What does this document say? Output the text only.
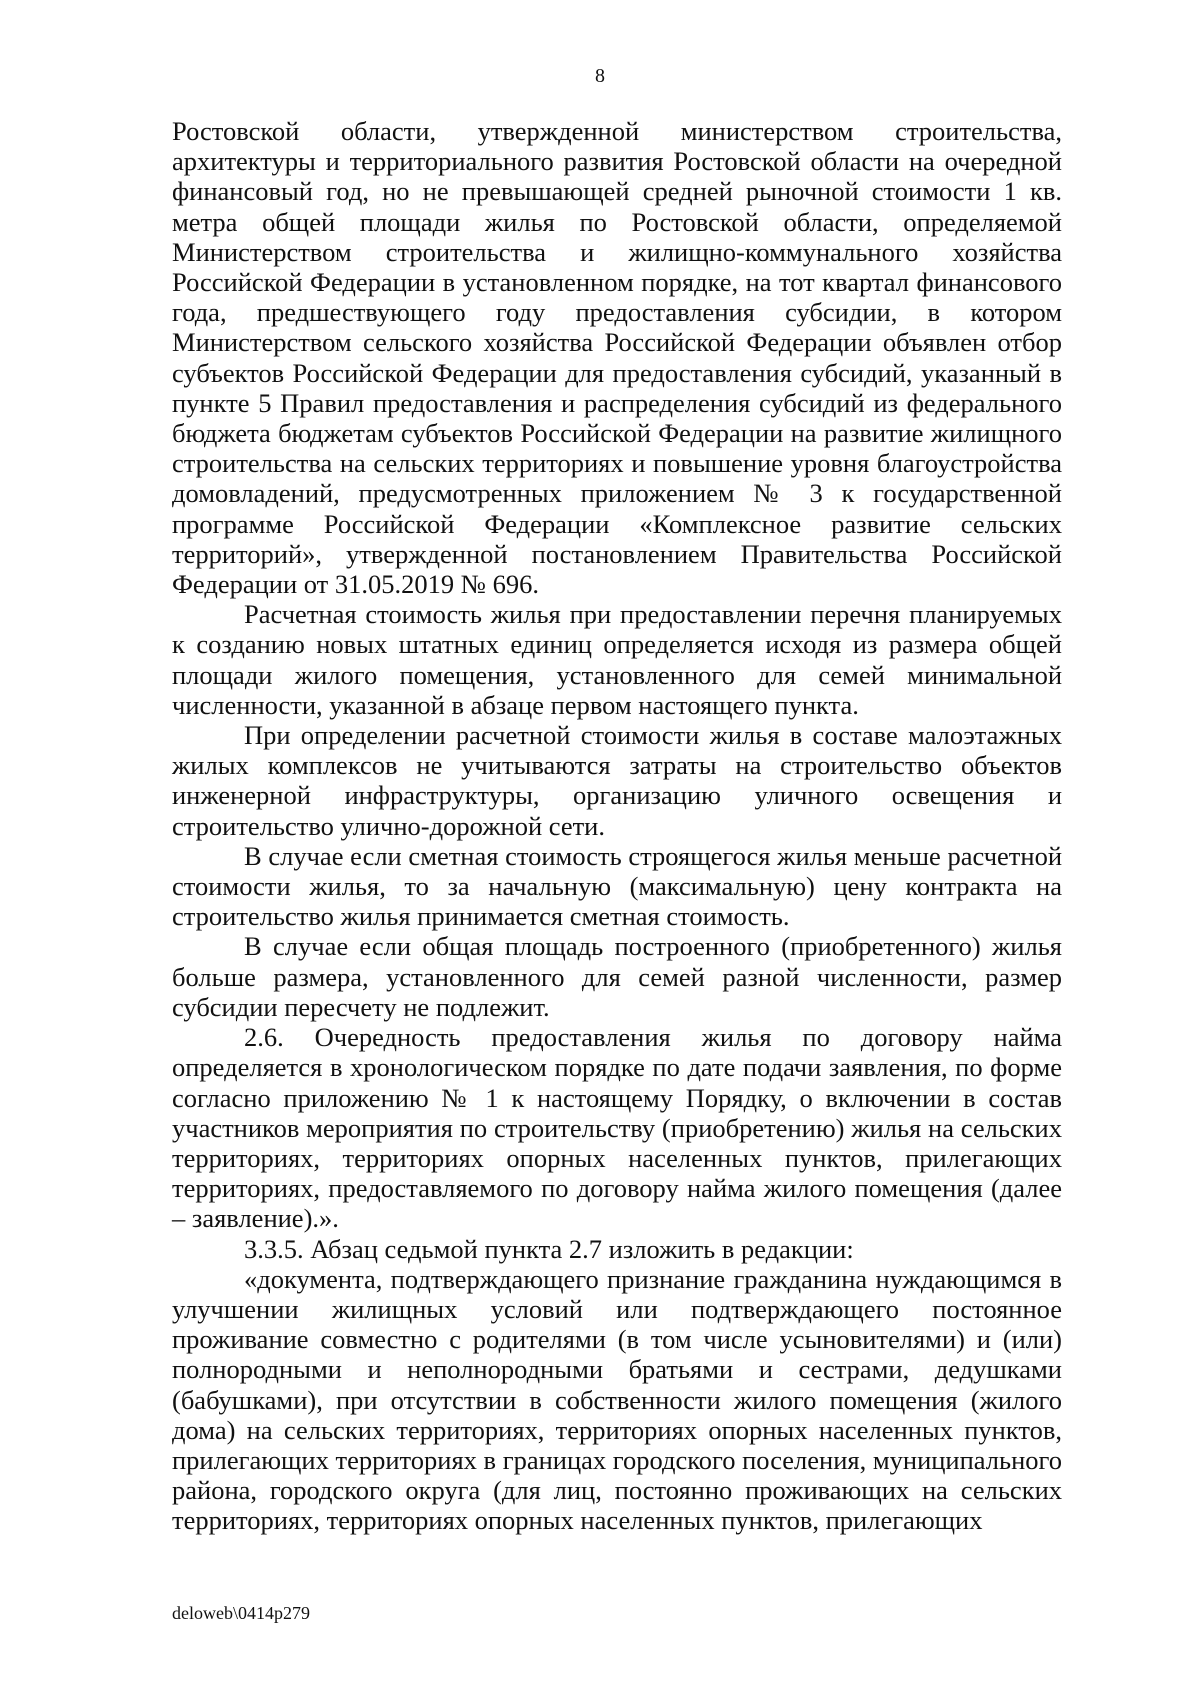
8

Ростовской области, утвержденной министерством строительства, архитектуры и территориального развития Ростовской области на очередной финансовый год, но не превышающей средней рыночной стоимости 1 кв. метра общей площади жилья по Ростовской области, определяемой Министерством строительства и жилищно-коммунального хозяйства Российской Федерации в установленном порядке, на тот квартал финансового года, предшествующего году предоставления субсидии, в котором Министерством сельского хозяйства Российской Федерации объявлен отбор субъектов Российской Федерации для предоставления субсидий, указанный в пункте 5 Правил предоставления и распределения субсидий из федерального бюджета бюджетам субъектов Российской Федерации на развитие жилищного строительства на сельских территориях и повышение уровня благоустройства домовладений, предусмотренных приложением № 3 к государственной программе Российской Федерации «Комплексное развитие сельских территорий», утвержденной постановлением Правительства Российской Федерации от 31.05.2019 № 696.

Расчетная стоимость жилья при предоставлении перечня планируемых к созданию новых штатных единиц определяется исходя из размера общей площади жилого помещения, установленного для семей минимальной численности, указанной в абзаце первом настоящего пункта.

При определении расчетной стоимости жилья в составе малоэтажных жилых комплексов не учитываются затраты на строительство объектов инженерной инфраструктуры, организацию уличного освещения и строительство улично-дорожной сети.

В случае если сметная стоимость строящегося жилья меньше расчетной стоимости жилья, то за начальную (максимальную) цену контракта на строительство жилья принимается сметная стоимость.

В случае если общая площадь построенного (приобретенного) жилья больше размера, установленного для семей разной численности, размер субсидии пересчету не подлежит.

2.6. Очередность предоставления жилья по договору найма определяется в хронологическом порядке по дате подачи заявления, по форме согласно приложению № 1 к настоящему Порядку, о включении в состав участников мероприятия по строительству (приобретению) жилья на сельских территориях, территориях опорных населенных пунктов, прилегающих территориях, предоставляемого по договору найма жилого помещения (далее – заявление).».

3.3.5. Абзац седьмой пункта 2.7 изложить в редакции:

«документа, подтверждающего признание гражданина нуждающимся в улучшении жилищных условий или подтверждающего постоянное проживание совместно с родителями (в том числе усыновителями) и (или) полнородными и неполнородными братьями и сестрами, дедушками (бабушками), при отсутствии в собственности жилого помещения (жилого дома) на сельских территориях, территориях опорных населенных пунктов, прилегающих территориях в границах городского поселения, муниципального района, городского округа (для лиц, постоянно проживающих на сельских территориях, территориях опорных населенных пунктов, прилегающих

deloweb\0414p279
